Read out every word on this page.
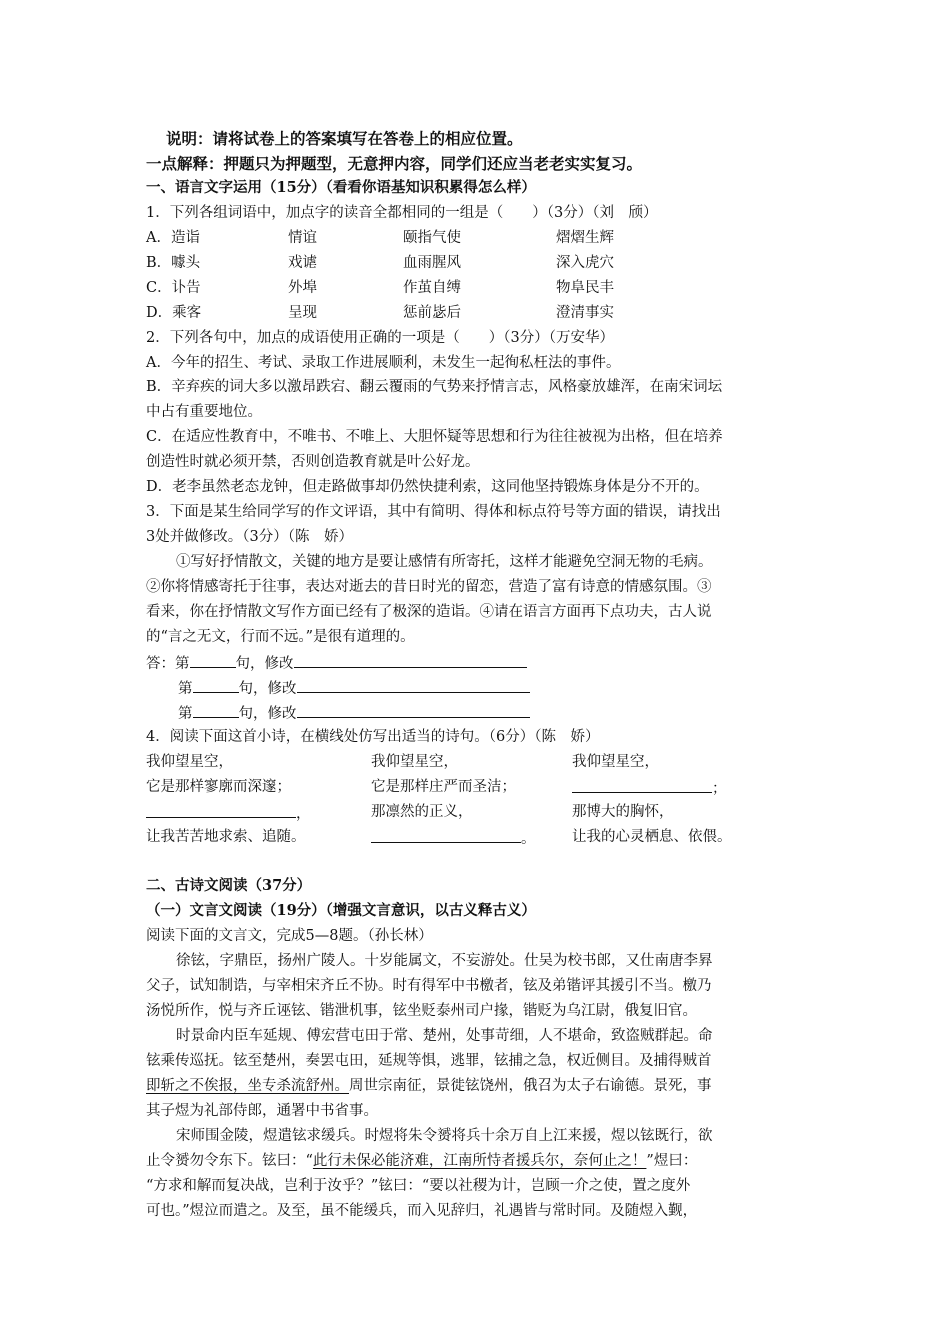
说明：请将试卷上的答案填写在答卷上的相应位置。
一点解释：押题只为押题型，无意押内容，同学们还应当老老实实复习。
一、语言文字运用（15分）（看看你语基知识积累得怎么样）
1．下列各组词语中，加点字的读音全都相同的一组是（　　）（3分）（刘　颀）
A．造诣	情谊	颐指气使	熠熠生辉
B．噱头	戏谑	血雨腥风	深入虎穴
C．讣告	外埠	作茧自缚	物阜民丰
D．乘客	呈现	惩前毖后	澄清事实
2．下列各句中，加点的成语使用正确的一项是（　　）（3分）（万安华）
A．今年的招生、考试、录取工作进展顺利，未发生一起徇私枉法的事件。
B．辛弃疾的词大多以激昂跌宕、翻云覆雨的气势来抒情言志，风格豪放雄浑，在南宋词坛
中占有重要地位。
C．在适应性教育中，不唯书、不唯上、大胆怀疑等思想和行为往往被视为出格，但在培养
创造性时就必须开禁，否则创造教育就是叶公好龙。
D．老李虽然老态龙钟，但走路做事却仍然快捷利索，这同他坚持锻炼身体是分不开的。
3．下面是某生给同学写的作文评语，其中有简明、得体和标点符号等方面的错误，请找出
3处并做修改。（3分）（陈　娇）
①写好抒情散文，关键的地方是要让感情有所寄托，这样才能避免空洞无物的毛病。
②你将情感寄托于往事，表达对逝去的昔日时光的留恋，营造了富有诗意的情感氛围。③
看来，你在抒情散文写作方面已经有了极深的造诣。④请在语言方面再下点功夫，古人说
的“言之无文，行而不远。”是很有道理的。
答：第	句，修改
第	句，修改
第	句，修改
4．阅读下面这首小诗，在横线处仿写出适当的诗句。（6分）（陈　娇）
我仰望星空，
它是那样寥廓而深邃；
，
让我苦苦地求索、追随。
我仰望星空，
它是那样庄严而圣洁；
那凛然的正义，
。
我仰望星空，
；
那博大的胸怀，
让我的心灵栖息、依偎。
二、古诗文阅读（37分）
（一）文言文阅读（19分）（增强文言意识，以古义释古义）
阅读下面的文言文，完成5—8题。（孙长林）
徐铉，字鼎臣，扬州广陵人。十岁能属文，不妄游处。仕吴为校书郎，又仕南唐李昪
父子，试知制诰，与宰相宋齐丘不协。时有得军中书檄者，铉及弟锴评其援引不当。檄乃
汤悦所作，悦与齐丘诬铉、锴泄机事，铉坐贬泰州司户掾，锴贬为乌江尉，俄复旧官。
时景命内臣车延规、傅宏营屯田于常、楚州，处事苛细，人不堪命，致盗贼群起。命
铉乘传巡抚。铉至楚州，奏罢屯田，延规等惧，逃罪，铉捕之急，权近侧目。及捕得贼首
即斩之不俟报，坐专杀流舒州。周世宗南征，景徙铉饶州，俄召为太子右谕德。景死，事
其子煜为礼部侍郎，通署中书省事。
宋师围金陵，煜遣铉求缓兵。时煜将朱令赟将兵十余万自上江来援，煜以铉既行，欲
止令赟勿令东下。铉曰：“此行未保必能济难，江南所恃者援兵尔，奈何止之！”煜曰：
“方求和解而复决战，岂利于汝乎？”铉曰：“要以社稷为计，岂顾一介之使，置之度外
可也。”煜泣而遣之。及至，虽不能缓兵，而入见辞归，礼遇皆与常时同。及随煜入觐，
